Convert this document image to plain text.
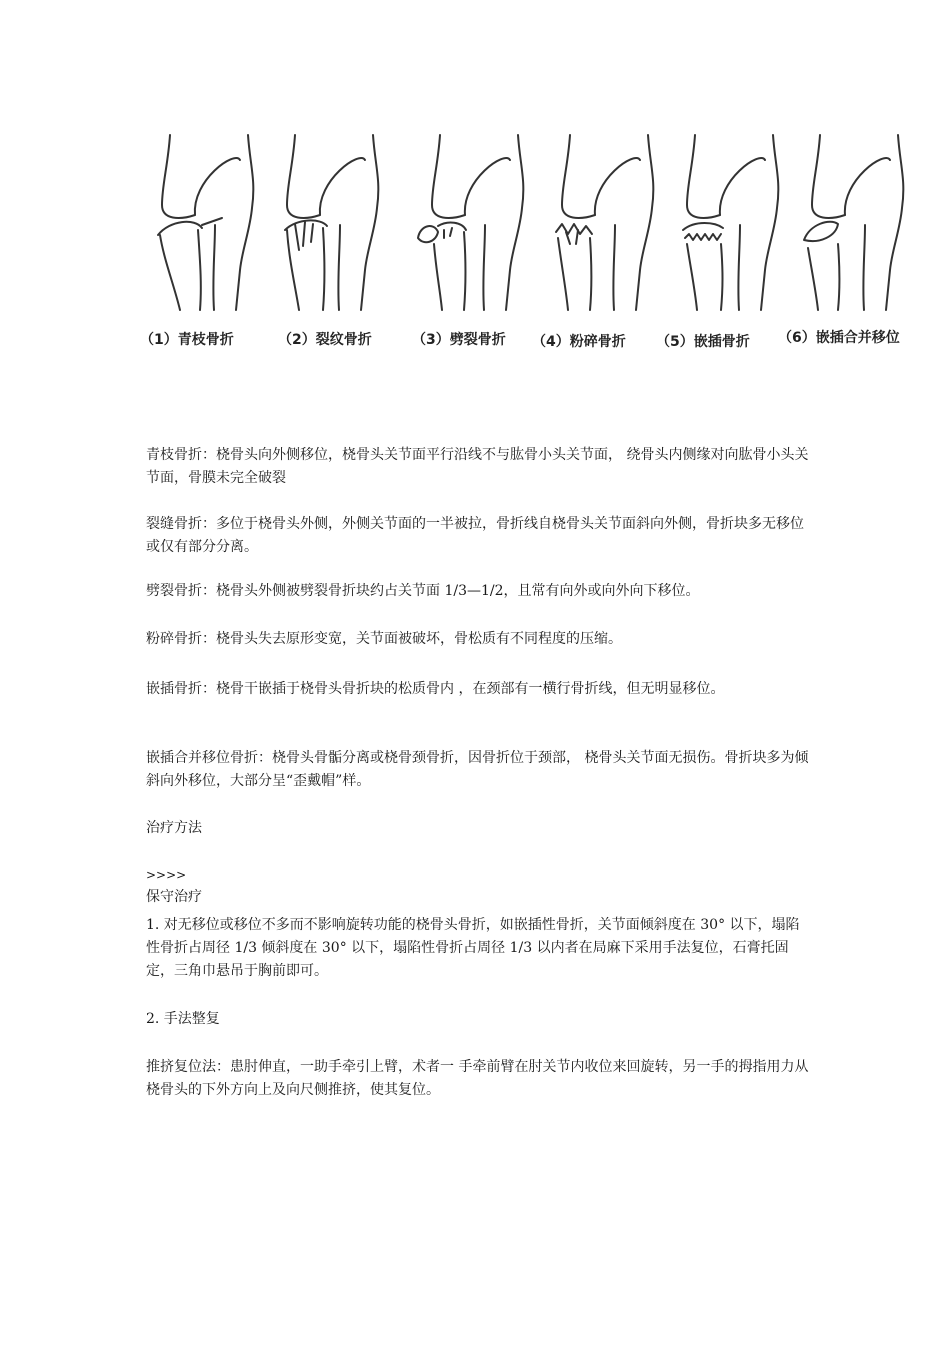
（1）青枝骨折	（2）裂纹骨折	（3）劈裂骨折 （4）粉碎骨折 （5）嵌插骨折 （6）嵌插合并移位

青枝骨折：桡骨头向外侧移位，桡骨头关节面平行沿线不与肱骨小头关节面， 绕骨头内侧缘对向肱骨小头关节面，骨膜未完全破裂

裂缝骨折：多位于桡骨头外侧，外侧关节面的一半被拉，骨折线自桡骨头关节面斜向外侧，骨折块多无移位或仅有部分分离。

劈裂骨折：桡骨头外侧被劈裂骨折块约占关节面 1/3—1/2，且常有向外或向外向下移位。

粉碎骨折：桡骨头失去原形变宽，关节面被破坏，骨松质有不同程度的压缩。

嵌插骨折：桡骨干嵌插于桡骨头骨折块的松质骨内 ，在颈部有一横行骨折线，但无明显移位。

嵌插合并移位骨折：桡骨头骨骺分离或桡骨颈骨折，因骨折位于颈部， 桡骨头关节面无损伤。骨折块多为倾斜向外移位，大部分呈“歪戴帽”样。

治疗方法

>>>>

保守治疗

1. 对无移位或移位不多而不影响旋转功能的桡骨头骨折，如嵌插性骨折，关节面倾斜度在 30° 以下，塌陷性骨折占周径 1/3 倾斜度在 30° 以下，塌陷性骨折占周径 1/3 以内者在局麻下采用手法复位，石膏托固定，三角巾悬吊于胸前即可。

2. 手法整复

推挤复位法：患肘伸直，一助手牵引上臂，术者一 手牵前臂在肘关节内收位来回旋转，另一手的拇指用力从桡骨头的下外方向上及向尺侧推挤，使其复位。
